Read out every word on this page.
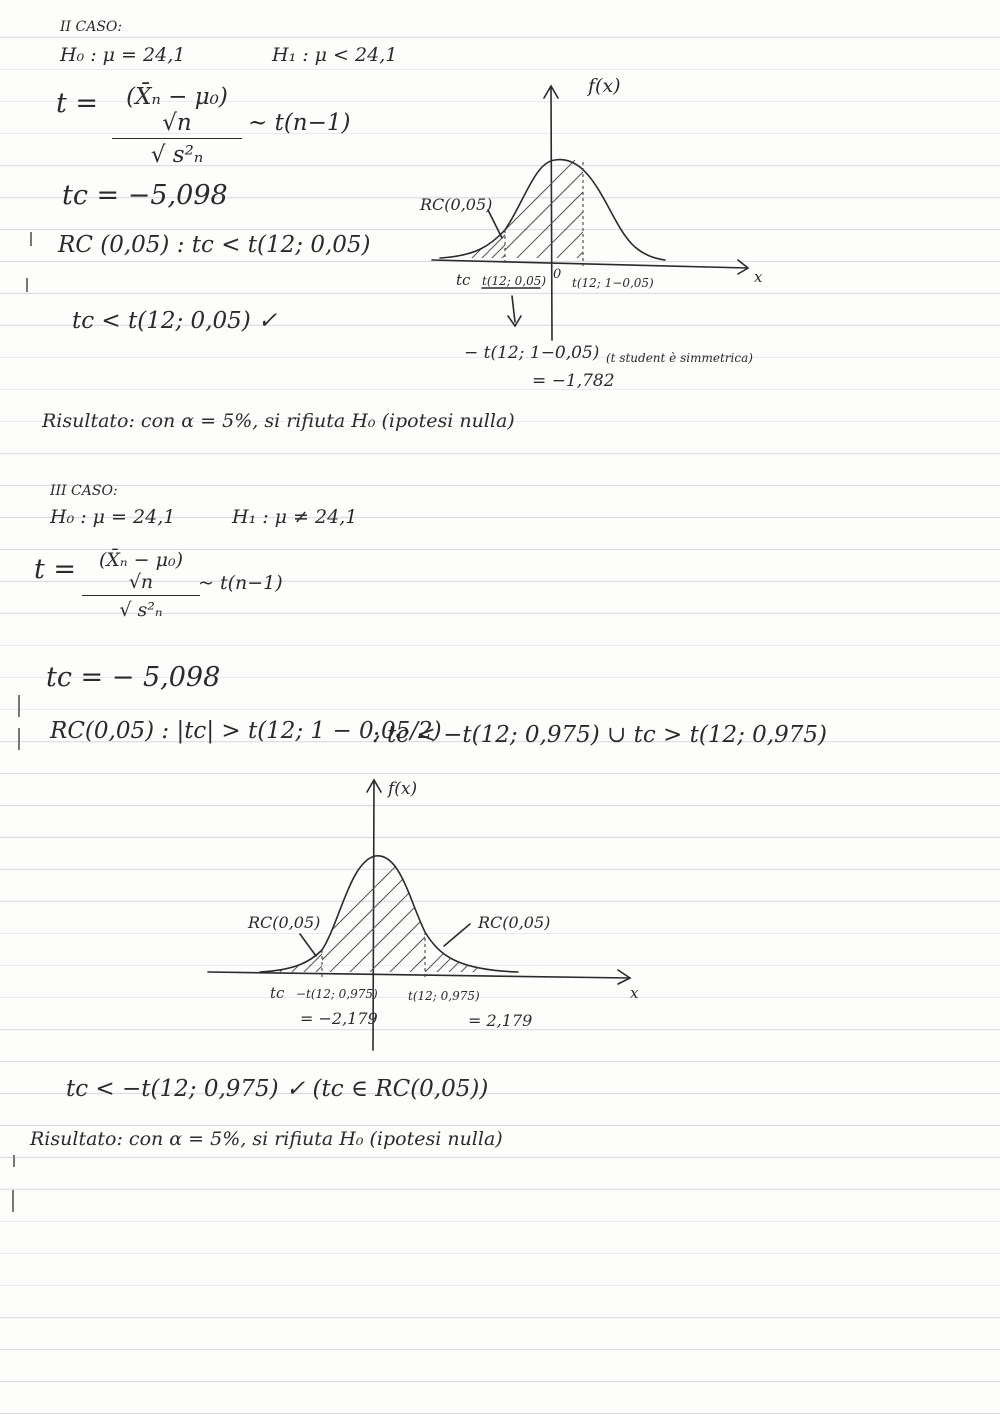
II CASO:
H₀ : μ = 24,1	H₁ : μ < 24,1
$t = \frac{\text{(X̄ₙ − μ₀) √n}}{\text{√ s²ₙ}}$ ~ t(n−1)
tc = −5,098
RC (0,05) : tc < t(12; 0,05)
tc < t(12; 0,05) ✓
f(x)
x
RC(0,05)
tc t(12; 0,05) 0
t(12; 1−0,05)
− t(12; 1−0,05) (t student è simmetrica)
= −1,782
Risultato: con α = 5%, si rifiuta H₀ (ipotesi nulla)
III CASO:
H₀ : μ = 24,1	H₁ : μ ≠ 24,1
$t = \frac{\text{(X̄ₙ − μ₀) √n}}{\text{√ s²ₙ}}$
~ t(n−1)
tc = − 5,098
RC(0,05) : |tc| > t(12; 1 − 0,05/2)
: tc < −t(12; 0,975) ∪ tc > t(12; 0,975)
f(x)
x
RC(0,05)	RC(0,05)
tc −t(12; 0,975)	t(12; 0,975)
= −2,179	= 2,179
tc < −t(12; 0,975) ✓ (tc ∈ RC(0,05))
Risultato: con α = 5%, si rifiuta H₀ (ipotesi nulla)
